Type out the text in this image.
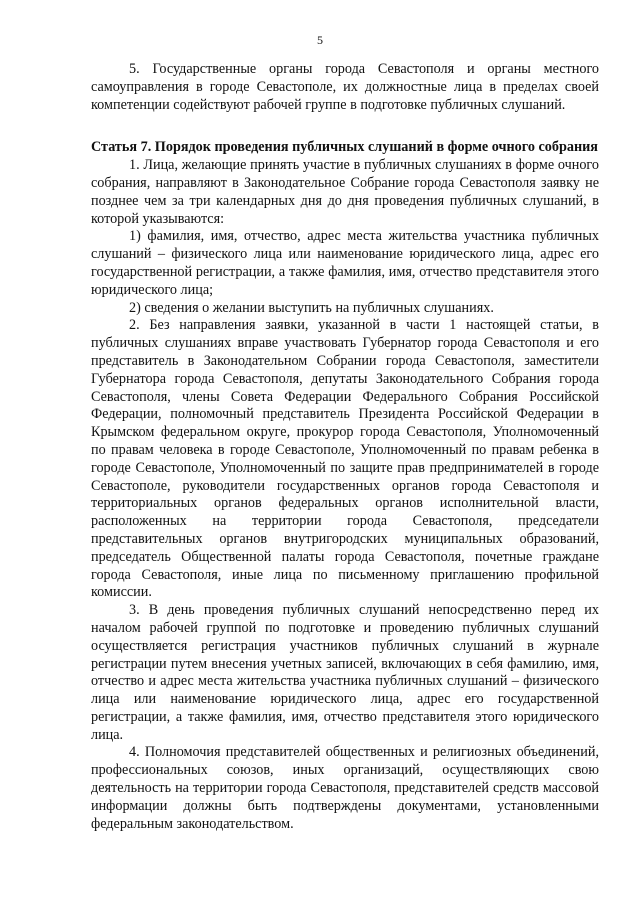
5

5. Государственные органы города Севастополя и органы местного самоуправления в городе Севастополе, их должностные лица в пределах своей компетенции содействуют рабочей группе в подготовке публичных слушаний.

Статья 7. Порядок проведения публичных слушаний в форме очного собрания

1. Лица, желающие принять участие в публичных слушаниях в форме очного собрания, направляют в Законодательное Собрание города Севастополя заявку не позднее чем за три календарных дня до дня проведения публичных слушаний, в которой указываются:

1) фамилия, имя, отчество, адрес места жительства участника публичных слушаний – физического лица или наименование юридического лица, адрес его государственной регистрации, а также фамилия, имя, отчество представителя этого юридического лица;

2) сведения о желании выступить на публичных слушаниях.

2. Без направления заявки, указанной в части 1 настоящей статьи, в публичных слушаниях вправе участвовать Губернатор города Севастополя и его представитель в Законодательном Собрании города Севастополя, заместители Губернатора города Севастополя, депутаты Законодательного Собрания города Севастополя, члены Совета Федерации Федерального Собрания Российской Федерации, полномочный представитель Президента Российской Федерации в Крымском федеральном округе, прокурор города Севастополя, Уполномоченный по правам человека в городе Севастополе, Уполномоченный по правам ребенка в городе Севастополе, Уполномоченный по защите прав предпринимателей в городе Севастополе, руководители государственных органов города Севастополя и территориальных органов федеральных органов исполнительной власти, расположенных на территории города Севастополя, председатели представительных органов внутригородских муниципальных образований, председатель Общественной палаты города Севастополя, почетные граждане города Севастополя, иные лица по письменному приглашению профильной комиссии.

3. В день проведения публичных слушаний непосредственно перед их началом рабочей группой по подготовке и проведению публичных слушаний осуществляется регистрация участников публичных слушаний в журнале регистрации путем внесения учетных записей, включающих в себя фамилию, имя, отчество и адрес места жительства участника публичных слушаний – физического лица или наименование юридического лица, адрес его государственной регистрации, а также фамилия, имя, отчество представителя этого юридического лица.

4. Полномочия представителей общественных и религиозных объединений, профессиональных союзов, иных организаций, осуществляющих свою деятельность на территории города Севастополя, представителей средств массовой информации должны быть подтверждены документами, установленными федеральным законодательством.
